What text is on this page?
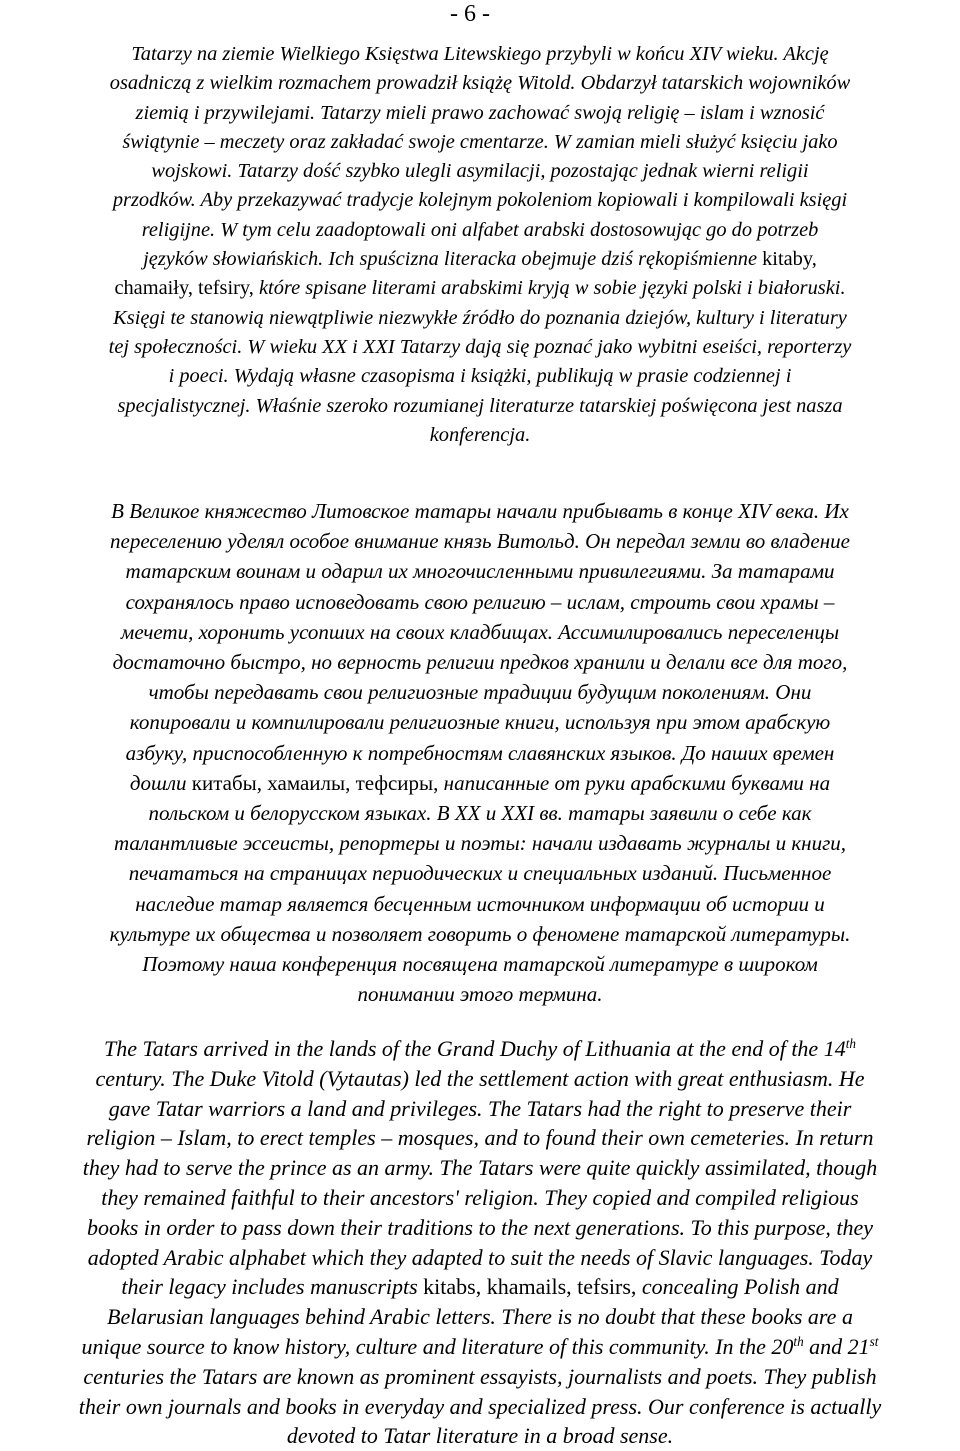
- 6 -
Tatarzy na ziemie Wielkiego Księstwa Litewskiego przybyli w końcu XIV wieku. Akcję
osadniczą z wielkim rozmachem prowadził książę Witold. Obdarzył tatarskich wojowników
ziemią i przywilejami. Tatarzy mieli prawo zachować swoją religię – islam i wznosić
świątynie – meczety oraz zakładać swoje cmentarze. W zamian mieli służyć księciu jako
wojskowi. Tatarzy dość szybko ulegli asymilacji, pozostając jednak wierni religii
przodków. Aby przekazywać tradycje kolejnym pokoleniom kopiowali i kompilowali księgi
religijne. W tym celu zaadoptowali oni alfabet arabski dostosowując go do potrzeb
języków słowiańskich. Ich spuścizna literacka obejmuje dziś rękopiśmienne kitaby,
chamaiły, tefsiry, które spisane literami arabskimi kryją w sobie języki polski i białoruski.
Księgi te stanowią niewątpliwie niezwykłe źródło do poznania dziejów, kultury i literatury
tej społeczności. W wieku XX i XXI Tatarzy dają się poznać jako wybitni eseiści, reporterzy
i poeci. Wydają własne czasopisma i książki, publikują w prasie codziennej i
specjalistycznej. Właśnie szeroko rozumianej literaturze tatarskiej poświęcona jest nasza
konferencja.
В Великое княжество Литовское татары начали прибывать в конце XIV века. Их
переселению уделял особое внимание князь Витольд. Он передал земли во владение
татарским воинам и одарил их многочисленными привилегиями. За татарами
сохранялось право исповедовать свою религию – ислам, строить свои храмы –
мечети, хоронить усопших на своих кладбищах. Ассимилировались переселенцы
достаточно быстро, но верность религии предков хранили и делали все для того,
чтобы передавать свои религиозные традиции будущим поколениям. Они
копировали и компилировали религиозные книги, используя при этом арабскую
азбуку, приспособленную к потребностям славянских языков. До наших времен
дошли китабы, хамаилы, тефсиры, написанные от руки арабскими буквами на
польском и белорусском языках. В XX и XXI вв. татары заявили о себе как
талантливые эссеисты, репортеры и поэты: начали издавать журналы и книги,
печататься на страницах периодических и специальных изданий. Письменное
наследие татар является бесценным источником информации об истории и
культуре их общества и позволяет говорить о феномене татарской литературы.
Поэтому наша конференция посвящена татарской литературе в широком
понимании этого термина.
The Tatars arrived in the lands of the Grand Duchy of Lithuania at the end of the 14th
century. The Duke Vitold (Vytautas) led the settlement action with great enthusiasm. He
gave Tatar warriors a land and privileges. The Tatars had the right to preserve their
religion – Islam, to erect temples – mosques, and to found their own cemeteries. In return
they had to serve the prince as an army. The Tatars were quite quickly assimilated, though
they remained faithful to their ancestors' religion. They copied and compiled religious
books in order to pass down their traditions to the next generations. To this purpose, they
adopted Arabic alphabet which they adapted to suit the needs of Slavic languages. Today
their legacy includes manuscripts kitabs, khamails, tefsirs, concealing Polish and
Belarusian languages behind Arabic letters. There is no doubt that these books are a
unique source to know history, culture and literature of this community. In the 20th and 21st
centuries the Tatars are known as prominent essayists, journalists and poets. They publish
their own journals and books in everyday and specialized press. Our conference is actually
devoted to Tatar literature in a broad sense.
